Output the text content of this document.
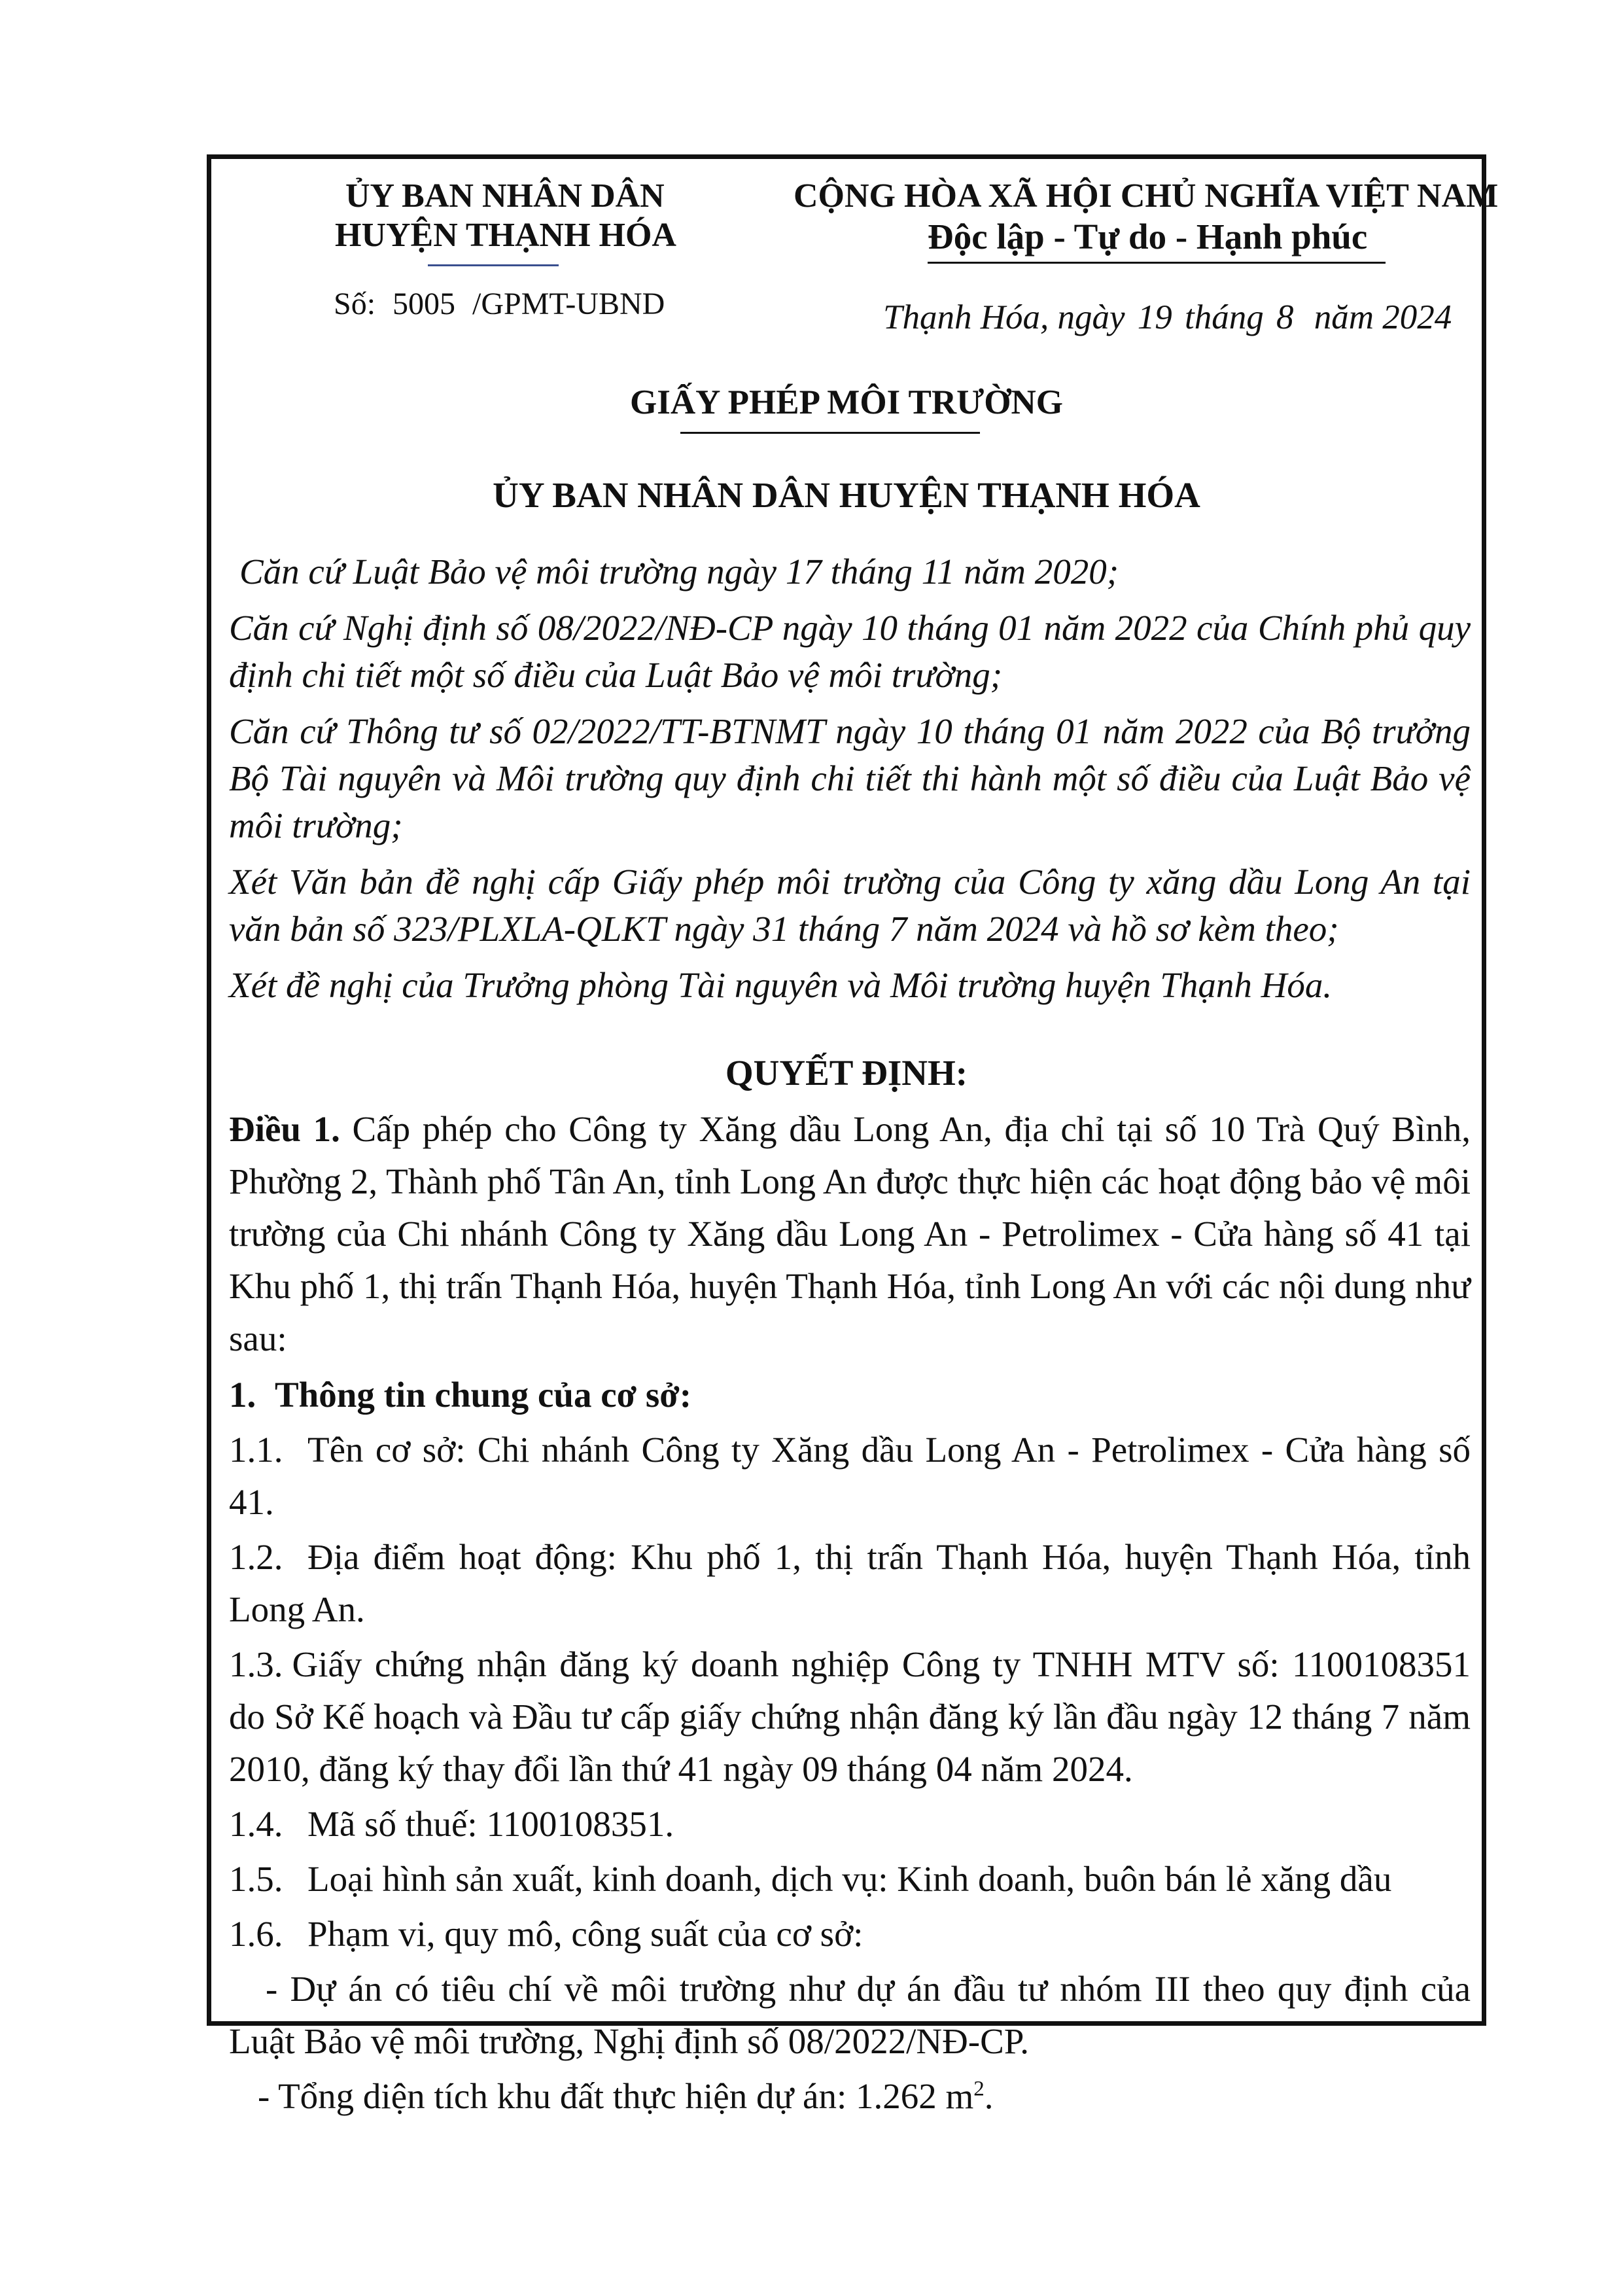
ỦY BAN NHÂN DÂN
HUYỆN THẠNH HÓA
Số: 5005 /GPMT-UBND
CỘNG HÒA XÃ HỘI CHỦ NGHĨA VIỆT NAM
Độc lập - Tự do - Hạnh phúc
Thạnh Hóa, ngày 19 tháng 8 năm 2024
GIẤY PHÉP MÔI TRƯỜNG
ỦY BAN NHÂN DÂN HUYỆN THẠNH HÓA

Căn cứ Luật Bảo vệ môi trường ngày 17 tháng 11 năm 2020;

Căn cứ Nghị định số 08/2022/NĐ-CP ngày 10 tháng 01 năm 2022 của Chính phủ quy định chi tiết một số điều của Luật Bảo vệ môi trường;

Căn cứ Thông tư số 02/2022/TT-BTNMT ngày 10 tháng 01 năm 2022 của Bộ trưởng Bộ Tài nguyên và Môi trường quy định chi tiết thi hành một số điều của Luật Bảo vệ môi trường;

Xét Văn bản đề nghị cấp Giấy phép môi trường của Công ty xăng dầu Long An tại văn bản số 323/PLXLA-QLKT ngày 31 tháng 7 năm 2024 và hồ sơ kèm theo;

Xét đề nghị của Trưởng phòng Tài nguyên và Môi trường huyện Thạnh Hóa.

QUYẾT ĐỊNH:

Điều 1. Cấp phép cho Công ty Xăng dầu Long An, địa chỉ tại số 10 Trà Quý Bình, Phường 2, Thành phố Tân An, tỉnh Long An được thực hiện các hoạt động bảo vệ môi trường của Chi nhánh Công ty Xăng dầu Long An - Petrolimex - Cửa hàng số 41 tại Khu phố 1, thị trấn Thạnh Hóa, huyện Thạnh Hóa, tỉnh Long An với các nội dung như sau:

1. Thông tin chung của cơ sở:

1.1. Tên cơ sở: Chi nhánh Công ty Xăng dầu Long An - Petrolimex - Cửa hàng số 41.

1.2. Địa điểm hoạt động: Khu phố 1, thị trấn Thạnh Hóa, huyện Thạnh Hóa, tỉnh Long An.

1.3. Giấy chứng nhận đăng ký doanh nghiệp Công ty TNHH MTV số: 1100108351 do Sở Kế hoạch và Đầu tư cấp giấy chứng nhận đăng ký lần đầu ngày 12 tháng 7 năm 2010, đăng ký thay đổi lần thứ 41 ngày 09 tháng 04 năm 2024.

1.4. Mã số thuế: 1100108351.

1.5. Loại hình sản xuất, kinh doanh, dịch vụ: Kinh doanh, buôn bán lẻ xăng dầu

1.6. Phạm vi, quy mô, công suất của cơ sở:

- Dự án có tiêu chí về môi trường như dự án đầu tư nhóm III theo quy định của Luật Bảo vệ môi trường, Nghị định số 08/2022/NĐ-CP.

- Tổng diện tích khu đất thực hiện dự án: 1.262 $m^2$.
